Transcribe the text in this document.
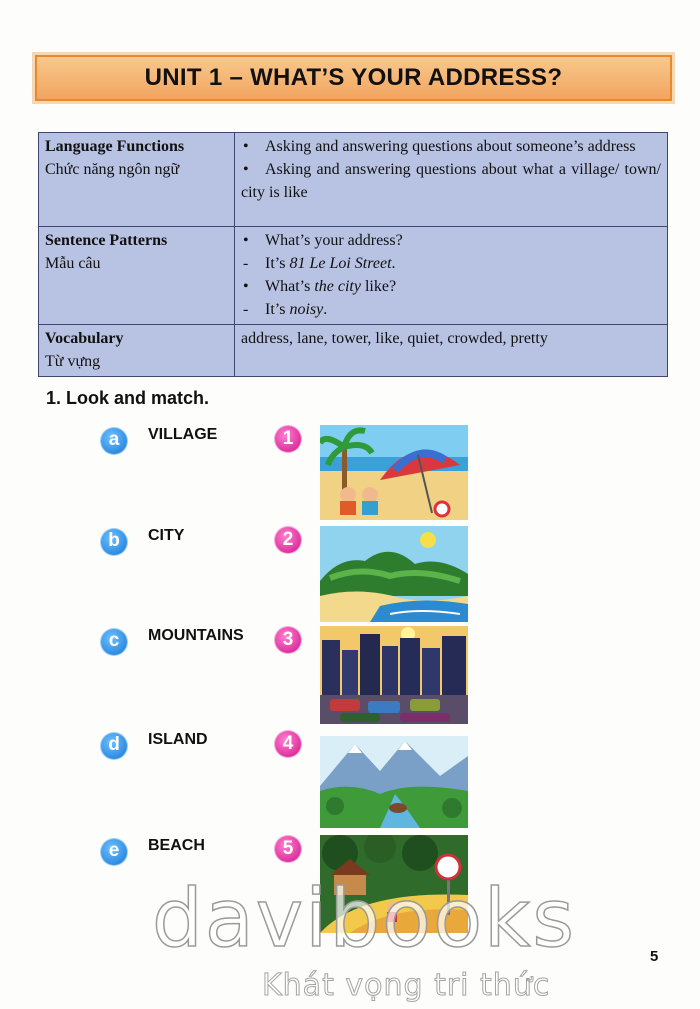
UNIT 1 – WHAT’S YOUR ADDRESS?
Language Functions
Chức năng ngôn ngữ	• Asking and answering questions about someone’s address
• Asking and answering questions about what a village/ town/ city is like

Sentence Patterns
Mẫu câu	• What’s your address?
- It’s 81 Le Loi Street.
• What’s the city like?
- It’s noisy.

Vocabulary
Từ vựng	address, lane, tower, like, quiet, crowded, pretty
1. Look and match.
a	VILLAGE	1
b	CITY	2
c	MOUNTAINS	3
d	ISLAND	4
e	BEACH	5
davibooks
Khát vọng tri thức
5
